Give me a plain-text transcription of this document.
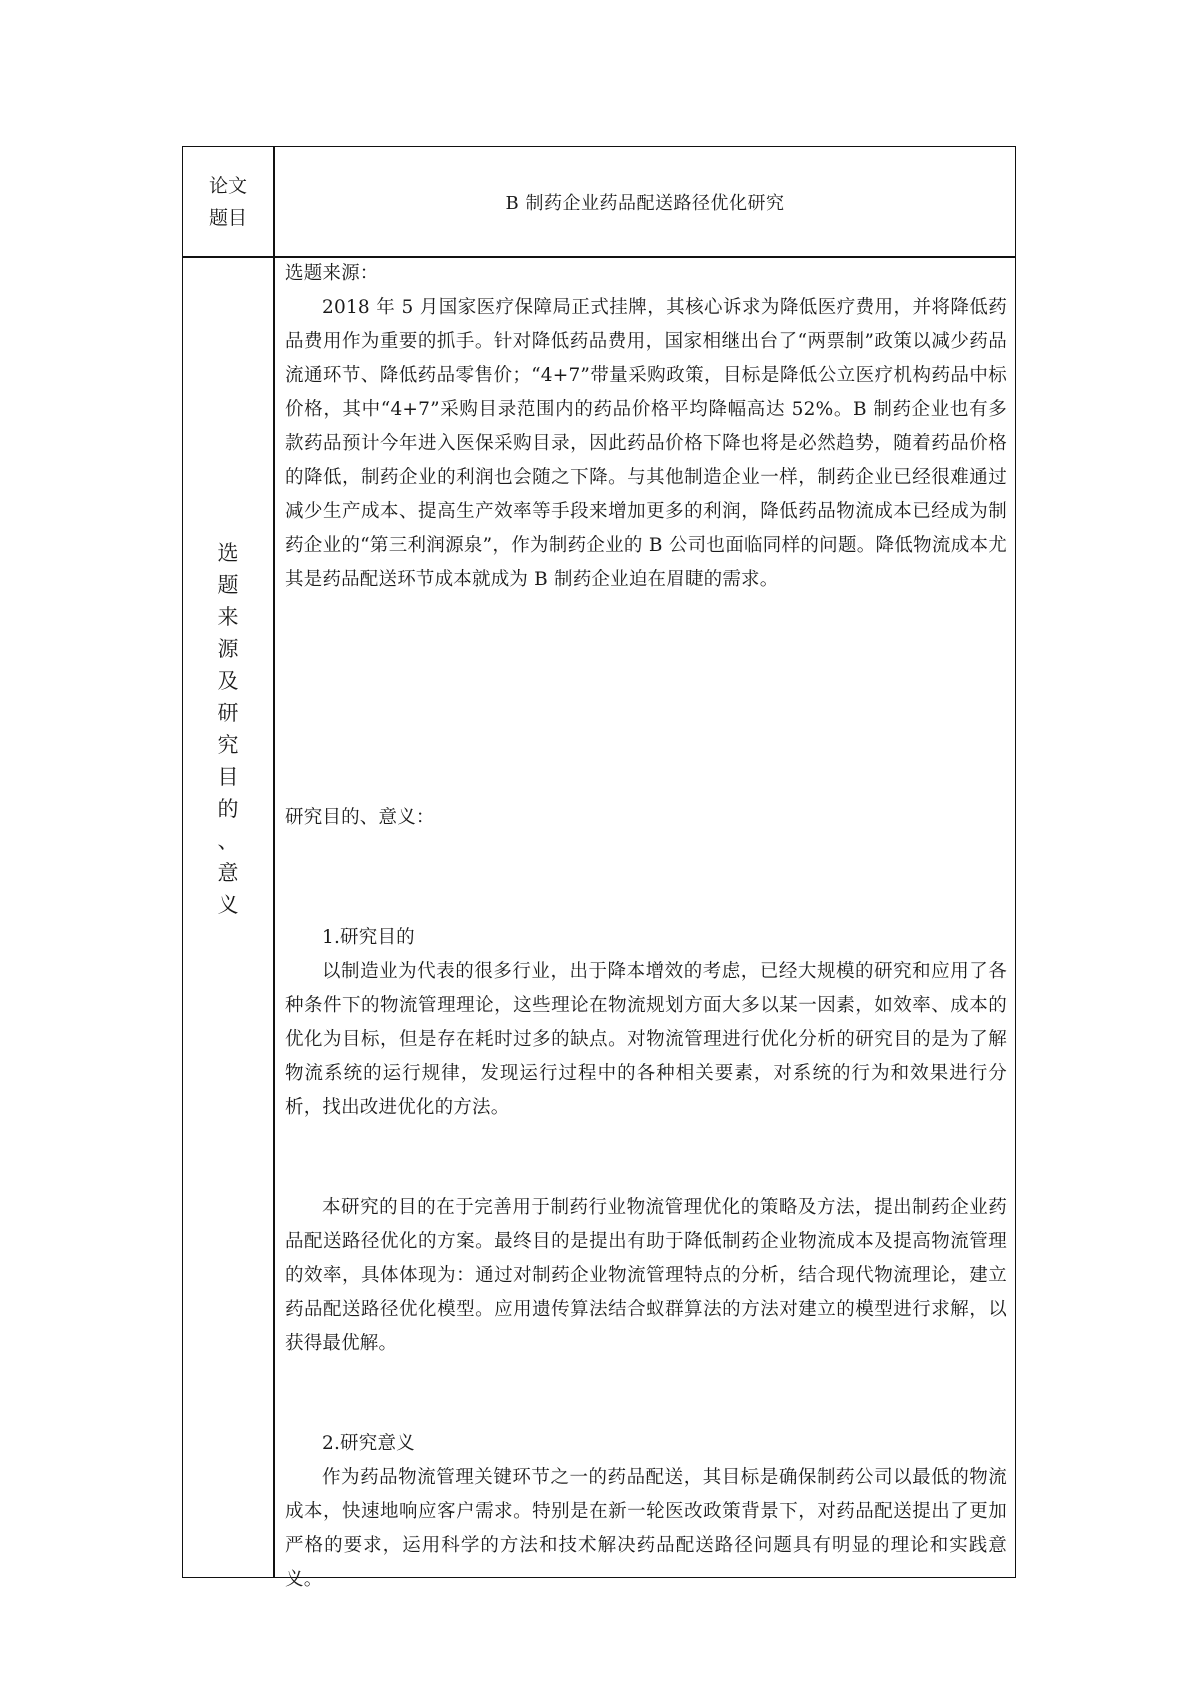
论文
题目
B 制药企业药品配送路径优化研究
选
题
来
源
及
研
究
目
的
、
意
义

选题来源：

2018 年 5 月国家医疗保障局正式挂牌，其核心诉求为降低医疗费用，并将降低药品费用作为重要的抓手。针对降低药品费用，国家相继出台了“两票制”政策以减少药品流通环节、降低药品零售价；“4+7”带量采购政策，目标是降低公立医疗机构药品中标价格，其中“4+7”采购目录范围内的药品价格平均降幅高达 52%。B 制药企业也有多款药品预计今年进入医保采购目录，因此药品价格下降也将是必然趋势，随着药品价格的降低，制药企业的利润也会随之下降。与其他制造企业一样，制药企业已经很难通过减少生产成本、提高生产效率等手段来增加更多的利润，降低药品物流成本已经成为制药企业的“第三利润源泉”，作为制药企业的 B 公司也面临同样的问题。降低物流成本尤其是药品配送环节成本就成为 B 制药企业迫在眉睫的需求。

研究目的、意义：

1.研究目的

以制造业为代表的很多行业，出于降本增效的考虑，已经大规模的研究和应用了各种条件下的物流管理理论，这些理论在物流规划方面大多以某一因素，如效率、成本的优化为目标，但是存在耗时过多的缺点。对物流管理进行优化分析的研究目的是为了解物流系统的运行规律，发现运行过程中的各种相关要素，对系统的行为和效果进行分析，找出改进优化的方法。

本研究的目的在于完善用于制药行业物流管理优化的策略及方法，提出制药企业药品配送路径优化的方案。最终目的是提出有助于降低制药企业物流成本及提高物流管理的效率，具体体现为：通过对制药企业物流管理特点的分析，结合现代物流理论，建立药品配送路径优化模型。应用遗传算法结合蚁群算法的方法对建立的模型进行求解，以获得最优解。

2.研究意义

作为药品物流管理关键环节之一的药品配送，其目标是确保制药公司以最低的物流成本，快速地响应客户需求。特别是在新一轮医改政策背景下，对药品配送提出了更加严格的要求，运用科学的方法和技术解决药品配送路径问题具有明显的理论和实践意义。
